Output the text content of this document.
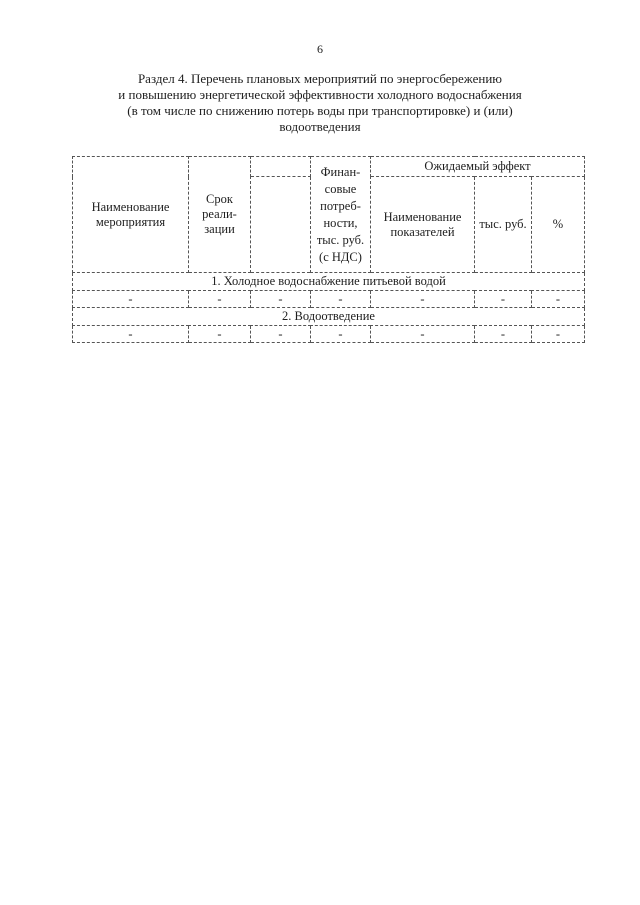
6
Раздел 4. Перечень плановых мероприятий по энергосбережению
и повышению энергетической эффективности холодного водоснабжения
(в том числе по снижению потерь воды при транспортировке) и (или)
водоотведения
Наименование мероприятия	Срок реали-зации		Финан-совые потреб-ности, тыс. руб. (с НДС)	Ожидаемый эффект		
				Наименование показателей	тыс. руб.	%
1. Холодное водоснабжение питьевой водой						
-	-	-	-	-	-	-
2. Водоотведение						
-	-	-	-	-	-	-
